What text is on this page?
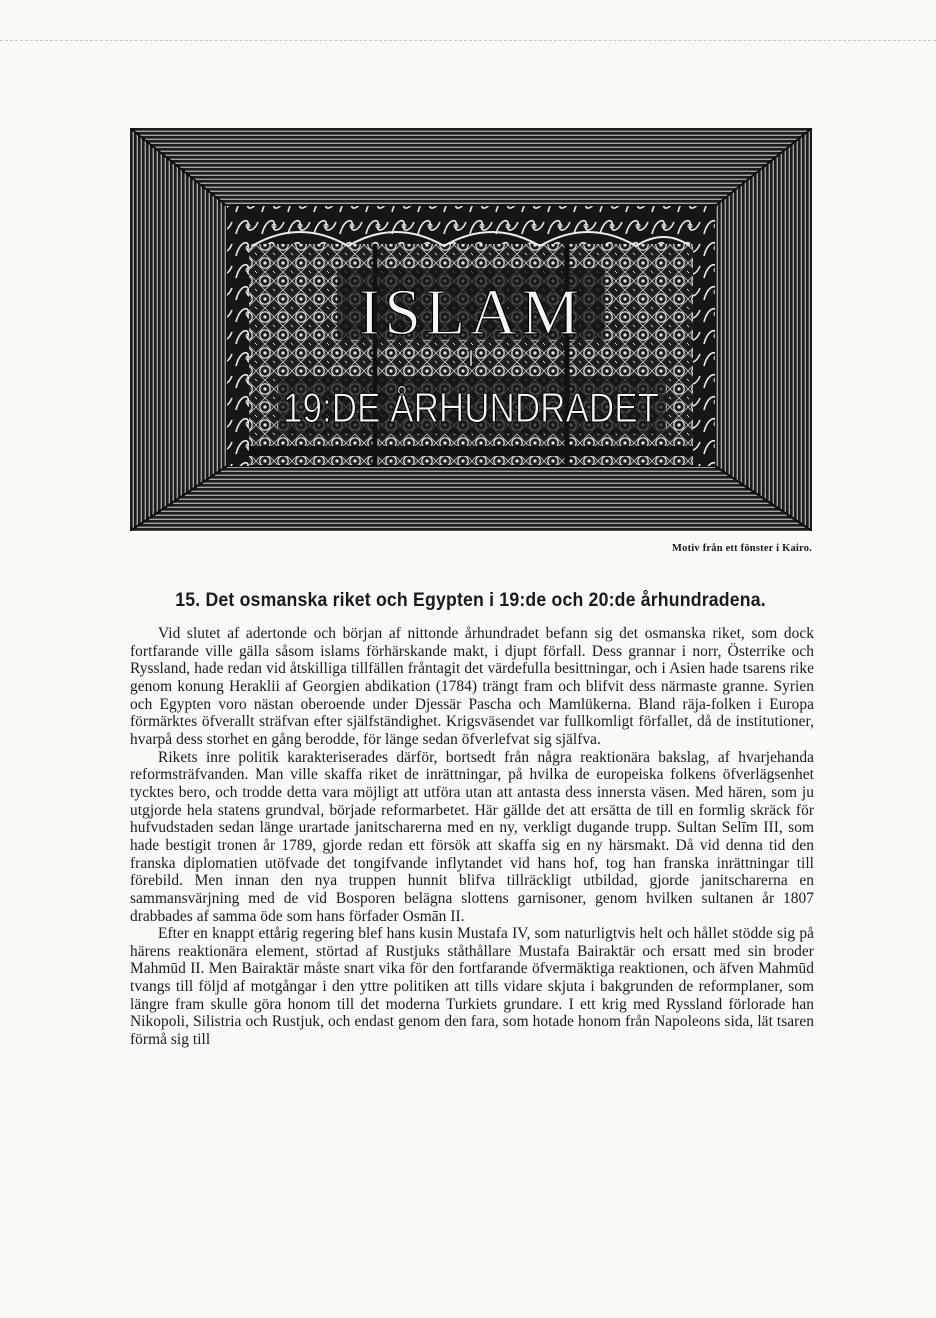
ISLAM
I
19:DE ÅRHUNDRADET
Motiv från ett fönster i Kairo.
15. Det osmanska riket och Egypten i 19:de och 20:de århundradena.

Vid slutet af adertonde och början af nittonde århundradet befann sig det osmanska riket, som dock fortfarande ville gälla såsom islams förhärskande makt, i djupt förfall. Dess grannar i norr, Österrike och Ryssland, hade redan vid åtskilliga tillfällen fråntagit det värdefulla besittningar, och i Asien hade tsarens rike genom konung Heraklii af Georgien abdikation (1784) trängt fram och blifvit dess närmaste granne. Syrien och Egypten voro nästan oberoende under Djessär Pascha och Mamlükerna. Bland räja-folken i Europa förmärktes öfverallt sträfvan efter själfständighet. Krigsväsendet var fullkomligt förfallet, då de institutioner, hvarpå dess storhet en gång berodde, för länge sedan öfverlefvat sig själfva.

Rikets inre politik karakteriserades därför, bortsedt från några reaktionära bakslag, af hvarjehanda reformsträfvanden. Man ville skaffa riket de inrättningar, på hvilka de europeiska folkens öfverlägsenhet tycktes bero, och trodde detta vara möjligt att utföra utan att antasta dess innersta väsen. Med hären, som ju utgjorde hela statens grundval, började reformarbetet. Här gällde det att ersätta de till en formlig skräck för hufvudstaden sedan länge urartade janitscharerna med en ny, verkligt dugande trupp. Sultan Selīm III, som hade bestigit tronen år 1789, gjorde redan ett försök att skaffa sig en ny härsmakt. Då vid denna tid den franska diplomatien utöfvade det tongifvande inflytandet vid hans hof, tog han franska inrättningar till förebild. Men innan den nya truppen hunnit blifva tillräckligt utbildad, gjorde janitscharerna en sammansvärjning med de vid Bosporen belägna slottens garnisoner, genom hvilken sultanen år 1807 drabbades af samma öde som hans förfader Osmān II.

Efter en knappt ettårig regering blef hans kusin Mustafa IV, som naturligtvis helt och hållet stödde sig på härens reaktionära element, störtad af Rustjuks ståthållare Mustafa Bairaktär och ersatt med sin broder Mahmūd II. Men Bairaktär måste snart vika för den fortfarande öfvermäktiga reaktionen, och äfven Mahmūd tvangs till följd af motgångar i den yttre politiken att tills vidare skjuta i bakgrunden de reformplaner, som längre fram skulle göra honom till det moderna Turkiets grundare. I ett krig med Ryssland förlorade han Nikopoli, Silistria och Rustjuk, och endast genom den fara, som hotade honom från Napoleons sida, lät tsaren förmå sig till
